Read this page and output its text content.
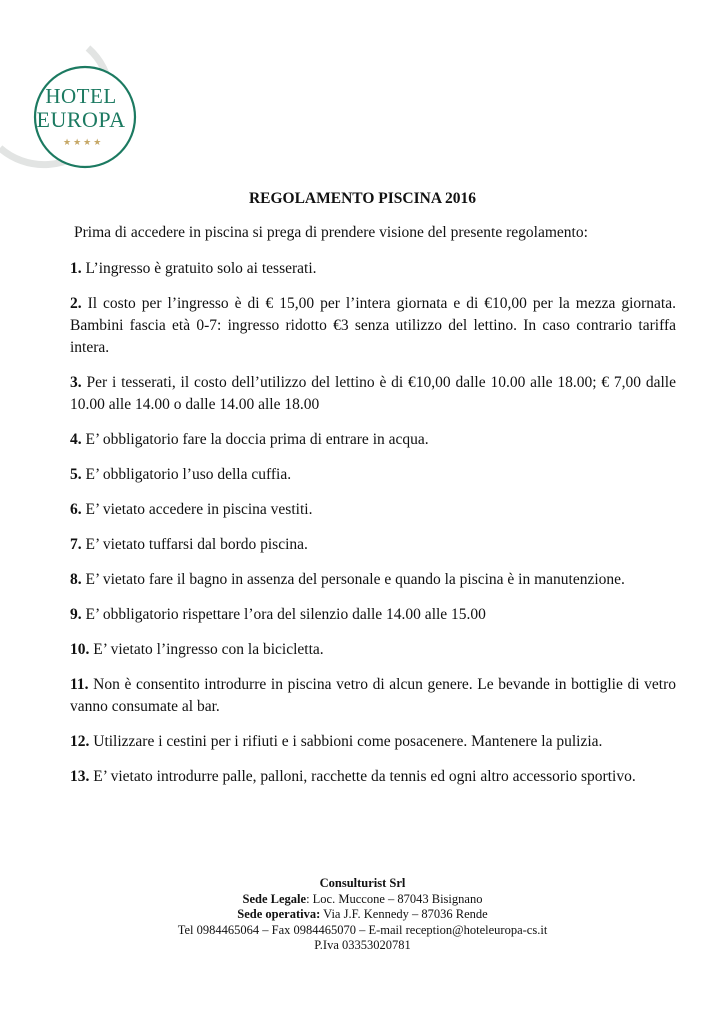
HOTEL
EUROPA
★★★★
REGOLAMENTO PISCINA 2016

Prima di accedere in piscina si prega di prendere visione del presente regolamento:

1. L’ingresso è gratuito solo ai tesserati.

2. Il costo per l’ingresso è di € 15,00 per l’intera giornata e di €10,00 per la mezza giornata. Bambini fascia età 0-7: ingresso ridotto €3 senza utilizzo del lettino. In caso contrario tariffa intera.

3. Per i tesserati, il costo dell’utilizzo del lettino è di €10,00 dalle 10.00 alle 18.00; € 7,00 dalle 10.00 alle 14.00 o dalle 14.00 alle 18.00

4. E’ obbligatorio fare la doccia prima di entrare in acqua.

5. E’ obbligatorio l’uso della cuffia.

6. E’ vietato accedere in piscina vestiti.

7. E’ vietato tuffarsi dal bordo piscina.

8. E’ vietato fare il bagno in assenza del personale e quando la piscina è in manutenzione.

9. E’ obbligatorio rispettare l’ora del silenzio dalle 14.00 alle 15.00

10. E’ vietato l’ingresso con la bicicletta.

11. Non è consentito introdurre in piscina vetro di alcun genere. Le bevande in bottiglie di vetro vanno consumate al bar.

12. Utilizzare i cestini per i rifiuti e i sabbioni come posacenere. Mantenere la pulizia.

13. E’ vietato introdurre palle, palloni, racchette da tennis ed ogni altro accessorio sportivo.

Consulturist Srl
Sede Legale: Loc. Muccone – 87043 Bisignano
Sede operativa: Via J.F. Kennedy – 87036 Rende
Tel 0984465064 – Fax 0984465070 – E-mail reception@hoteleuropa-cs.it
P.Iva 03353020781
